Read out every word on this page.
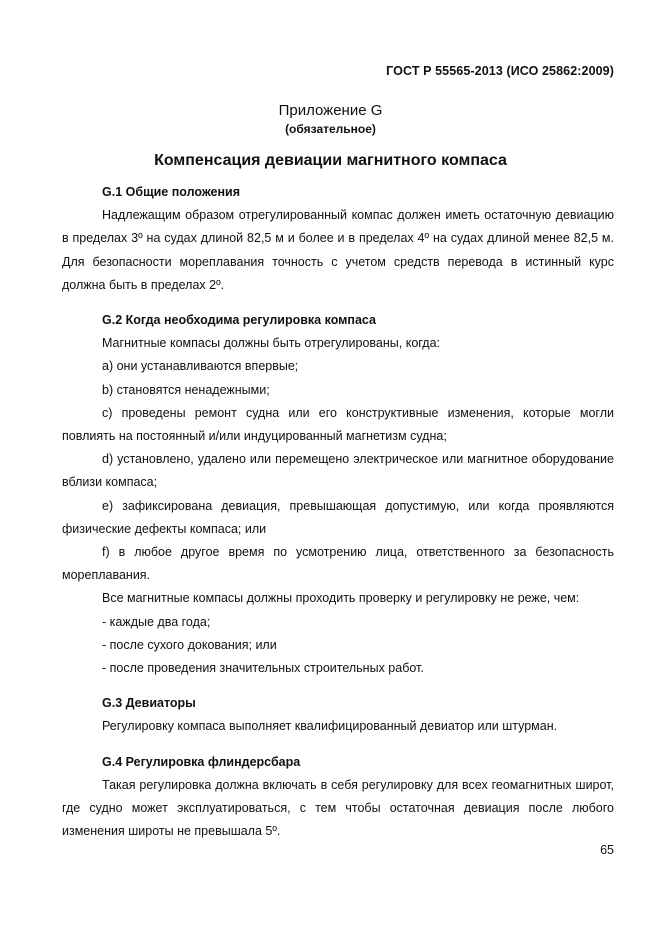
ГОСТ Р 55565-2013 (ИСО 25862:2009)
Приложение G
(обязательное)
Компенсация девиации магнитного компаса

G.1 Общие положения

Надлежащим образом отрегулированный компас должен иметь остаточную девиацию в пределах 3º на судах длиной 82,5 м и более и в пределах 4º на судах длиной менее 82,5 м. Для безопасности мореплавания точность с учетом средств перевода в истинный курс должна быть в пределах 2º.

G.2 Когда необходима регулировка компаса

Магнитные компасы должны быть отрегулированы, когда:

a) они устанавливаются впервые;

b) становятся ненадежными;

c) проведены ремонт судна или его конструктивные изменения, которые могли повлиять на постоянный и/или индуцированный магнетизм судна;

d) установлено, удалено или перемещено электрическое или магнитное оборудование вблизи компаса;

e) зафиксирована девиация, превышающая допустимую, или когда проявляются физические дефекты компаса; или

f) в любое другое время по усмотрению лица, ответственного за безопасность мореплавания.

Все магнитные компасы должны проходить проверку и регулировку не реже, чем:

- каждые два года;

- после сухого докования; или

- после проведения значительных строительных работ.

G.3 Девиаторы

Регулировку компаса выполняет квалифицированный девиатор или штурман.

G.4 Регулировка флиндерсбара

Такая регулировка должна включать в себя регулировку для всех геомагнитных широт, где судно может эксплуатироваться, с тем чтобы остаточная девиация после любого изменения широты не превышала 5º.

65
